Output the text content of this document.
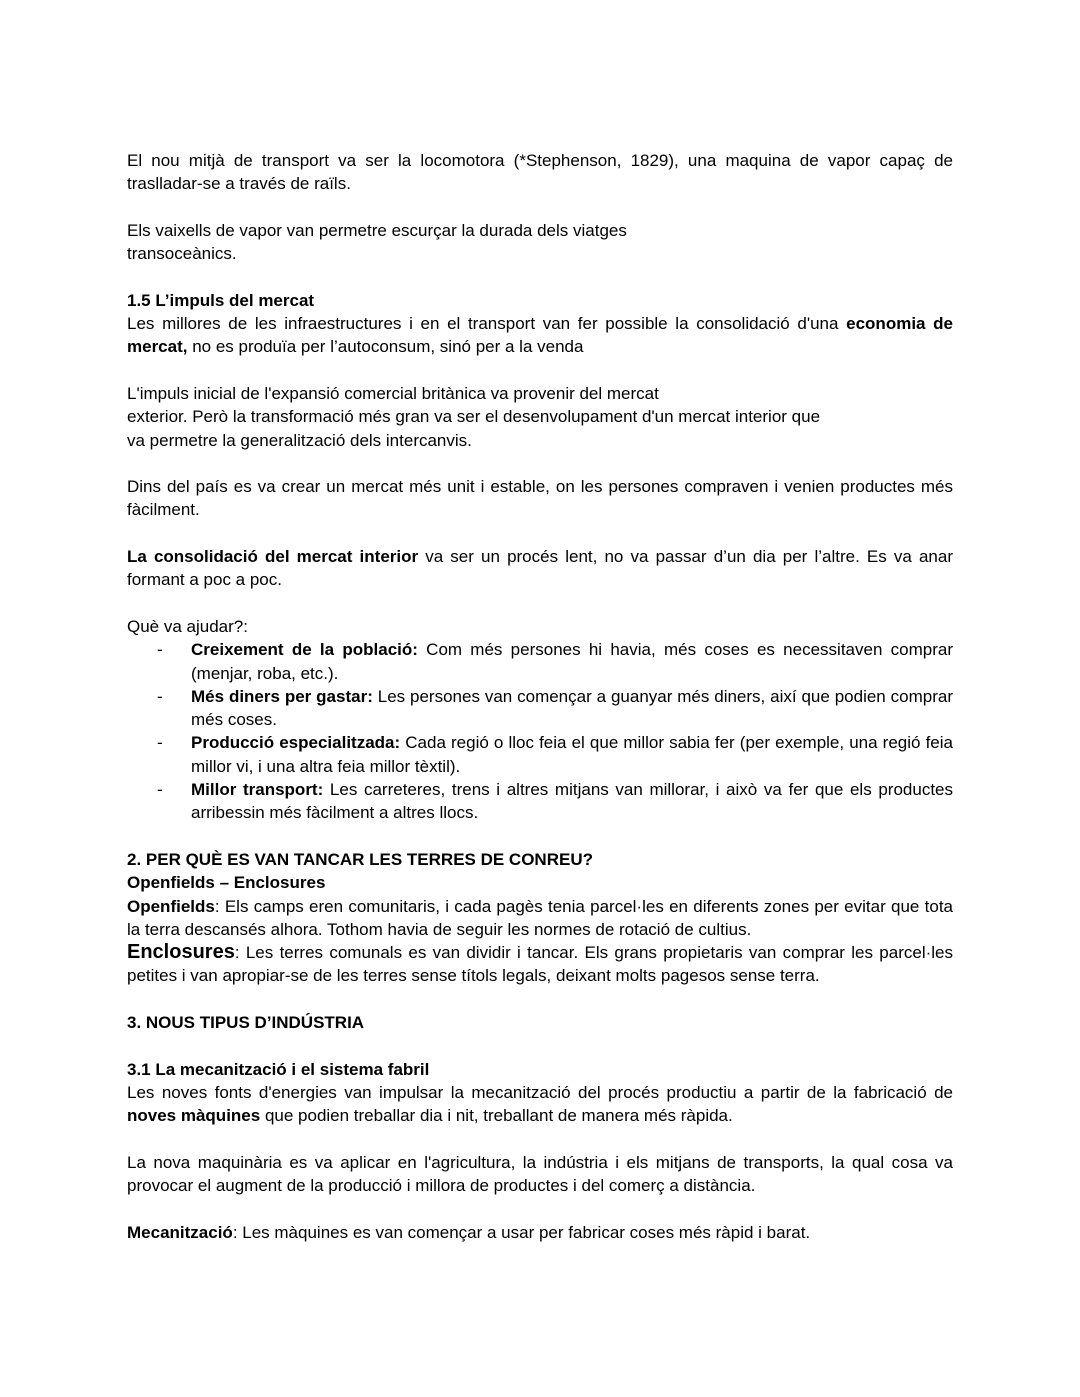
El nou mitjà de transport va ser la locomotora (*Stephenson, 1829), una maquina de vapor capaç de traslladar-se a través de raïls.

Els vaixells de vapor van permetre escurçar la durada dels viatges
transoceànics.

1.5 L’impuls del mercat

Les millores de les infraestructures i en el transport van fer possible la consolidació d'una economia de mercat, no es produïa per l’autoconsum, sinó per a la venda

L'impuls inicial de l'expansió comercial britànica va provenir del mercat
exterior. Però la transformació més gran va ser el desenvolupament d'un mercat interior que
va permetre la generalització dels intercanvis.

Dins del país es va crear un mercat més unit i estable, on les persones compraven i venien productes més fàcilment.

La consolidació del mercat interior va ser un procés lent, no va passar d’un dia per l’altre. Es va anar formant a poc a poc.

Què va ajudar?:

- Creixement de la població: Com més persones hi havia, més coses es necessitaven comprar (menjar, roba, etc.).
- Més diners per gastar: Les persones van començar a guanyar més diners, així que podien comprar més coses.
- Producció especialitzada: Cada regió o lloc feia el que millor sabia fer (per exemple, una regió feia millor vi, i una altra feia millor tèxtil).
- Millor transport: Les carreteres, trens i altres mitjans van millorar, i això va fer que els productes arribessin més fàcilment a altres llocs.

2. PER QUÈ ES VAN TANCAR LES TERRES DE CONREU?

Openfields – Enclosures

Openfields: Els camps eren comunitaris, i cada pagès tenia parcel·les en diferents zones per evitar que tota la terra descansés alhora. Tothom havia de seguir les normes de rotació de cultius.

Enclosures: Les terres comunals es van dividir i tancar. Els grans propietaris van comprar les parcel·les petites i van apropiar-se de les terres sense títols legals, deixant molts pagesos sense terra.

3. NOUS TIPUS D’INDÚSTRIA

3.1 La mecanització i el sistema fabril

Les noves fonts d'energies van impulsar la mecanització del procés productiu a partir de la fabricació de noves màquines que podien treballar dia i nit, treballant de manera més ràpida.

La nova maquinària es va aplicar en l'agricultura, la indústria i els mitjans de transports, la qual cosa va provocar el augment de la producció i millora de productes i del comerç a distància.

Mecanització: Les màquines es van començar a usar per fabricar coses més ràpid i barat.
